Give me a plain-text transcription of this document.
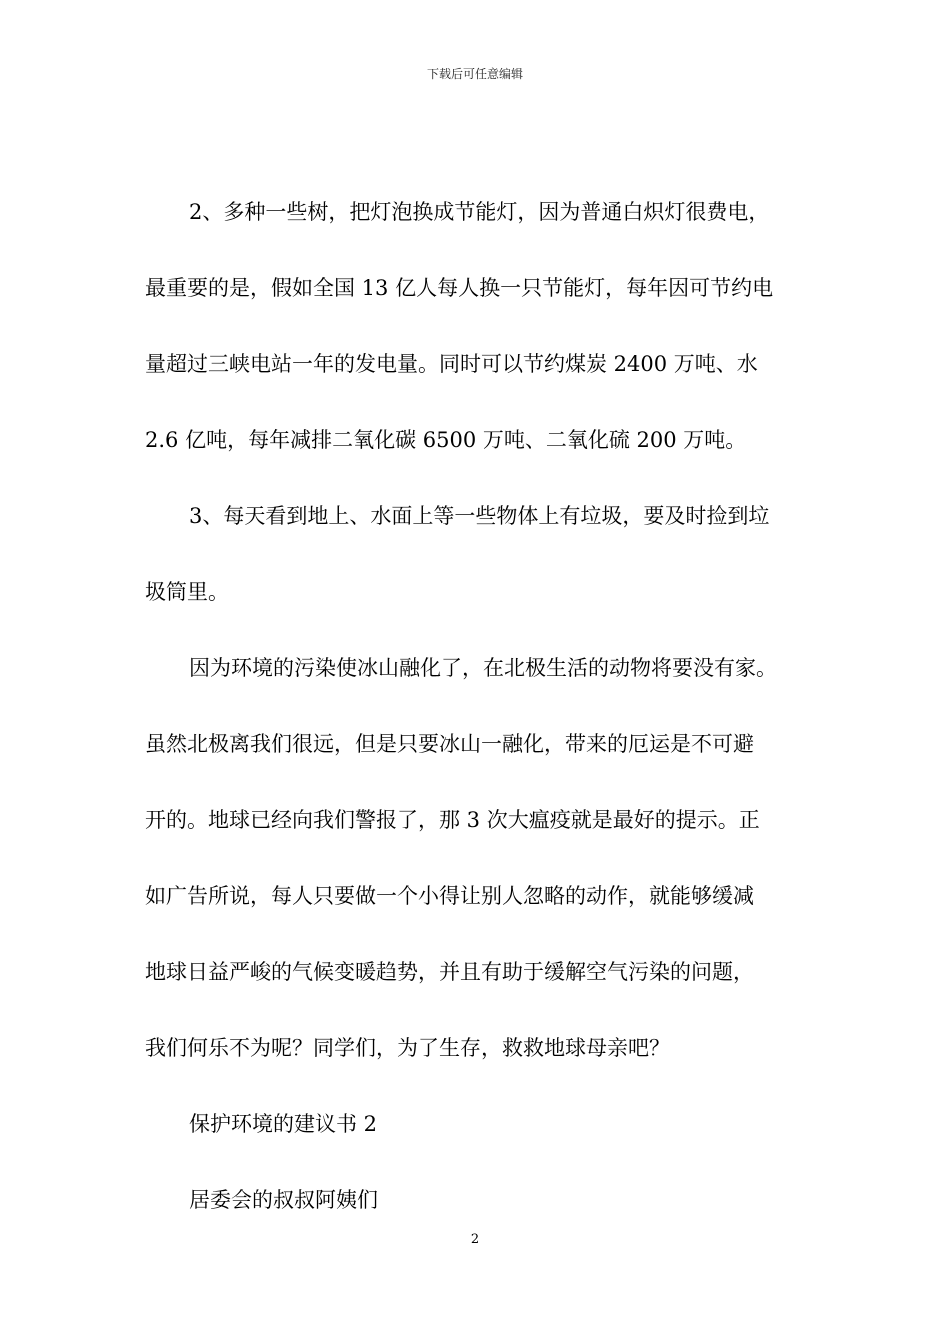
下载后可任意编辑
2、多种一些树，把灯泡换成节能灯，因为普通白炽灯很费电，
最重要的是，假如全国 13 亿人每人换一只节能灯，每年因可节约电
量超过三峡电站一年的发电量。同时可以节约煤炭 2400 万吨、水
2.6 亿吨，每年减排二氧化碳 6500 万吨、二氧化硫 200 万吨。
3、每天看到地上、水面上等一些物体上有垃圾，要及时捡到垃
圾筒里。
因为环境的污染使冰山融化了，在北极生活的动物将要没有家。
虽然北极离我们很远，但是只要冰山一融化，带来的厄运是不可避
开的。地球已经向我们警报了，那 3 次大瘟疫就是最好的提示。正
如广告所说，每人只要做一个小得让别人忽略的动作，就能够缓减
地球日益严峻的气候变暖趋势，并且有助于缓解空气污染的问题，
我们何乐不为呢？同学们，为了生存，救救地球母亲吧？
保护环境的建议书 2
居委会的叔叔阿姨们
2
